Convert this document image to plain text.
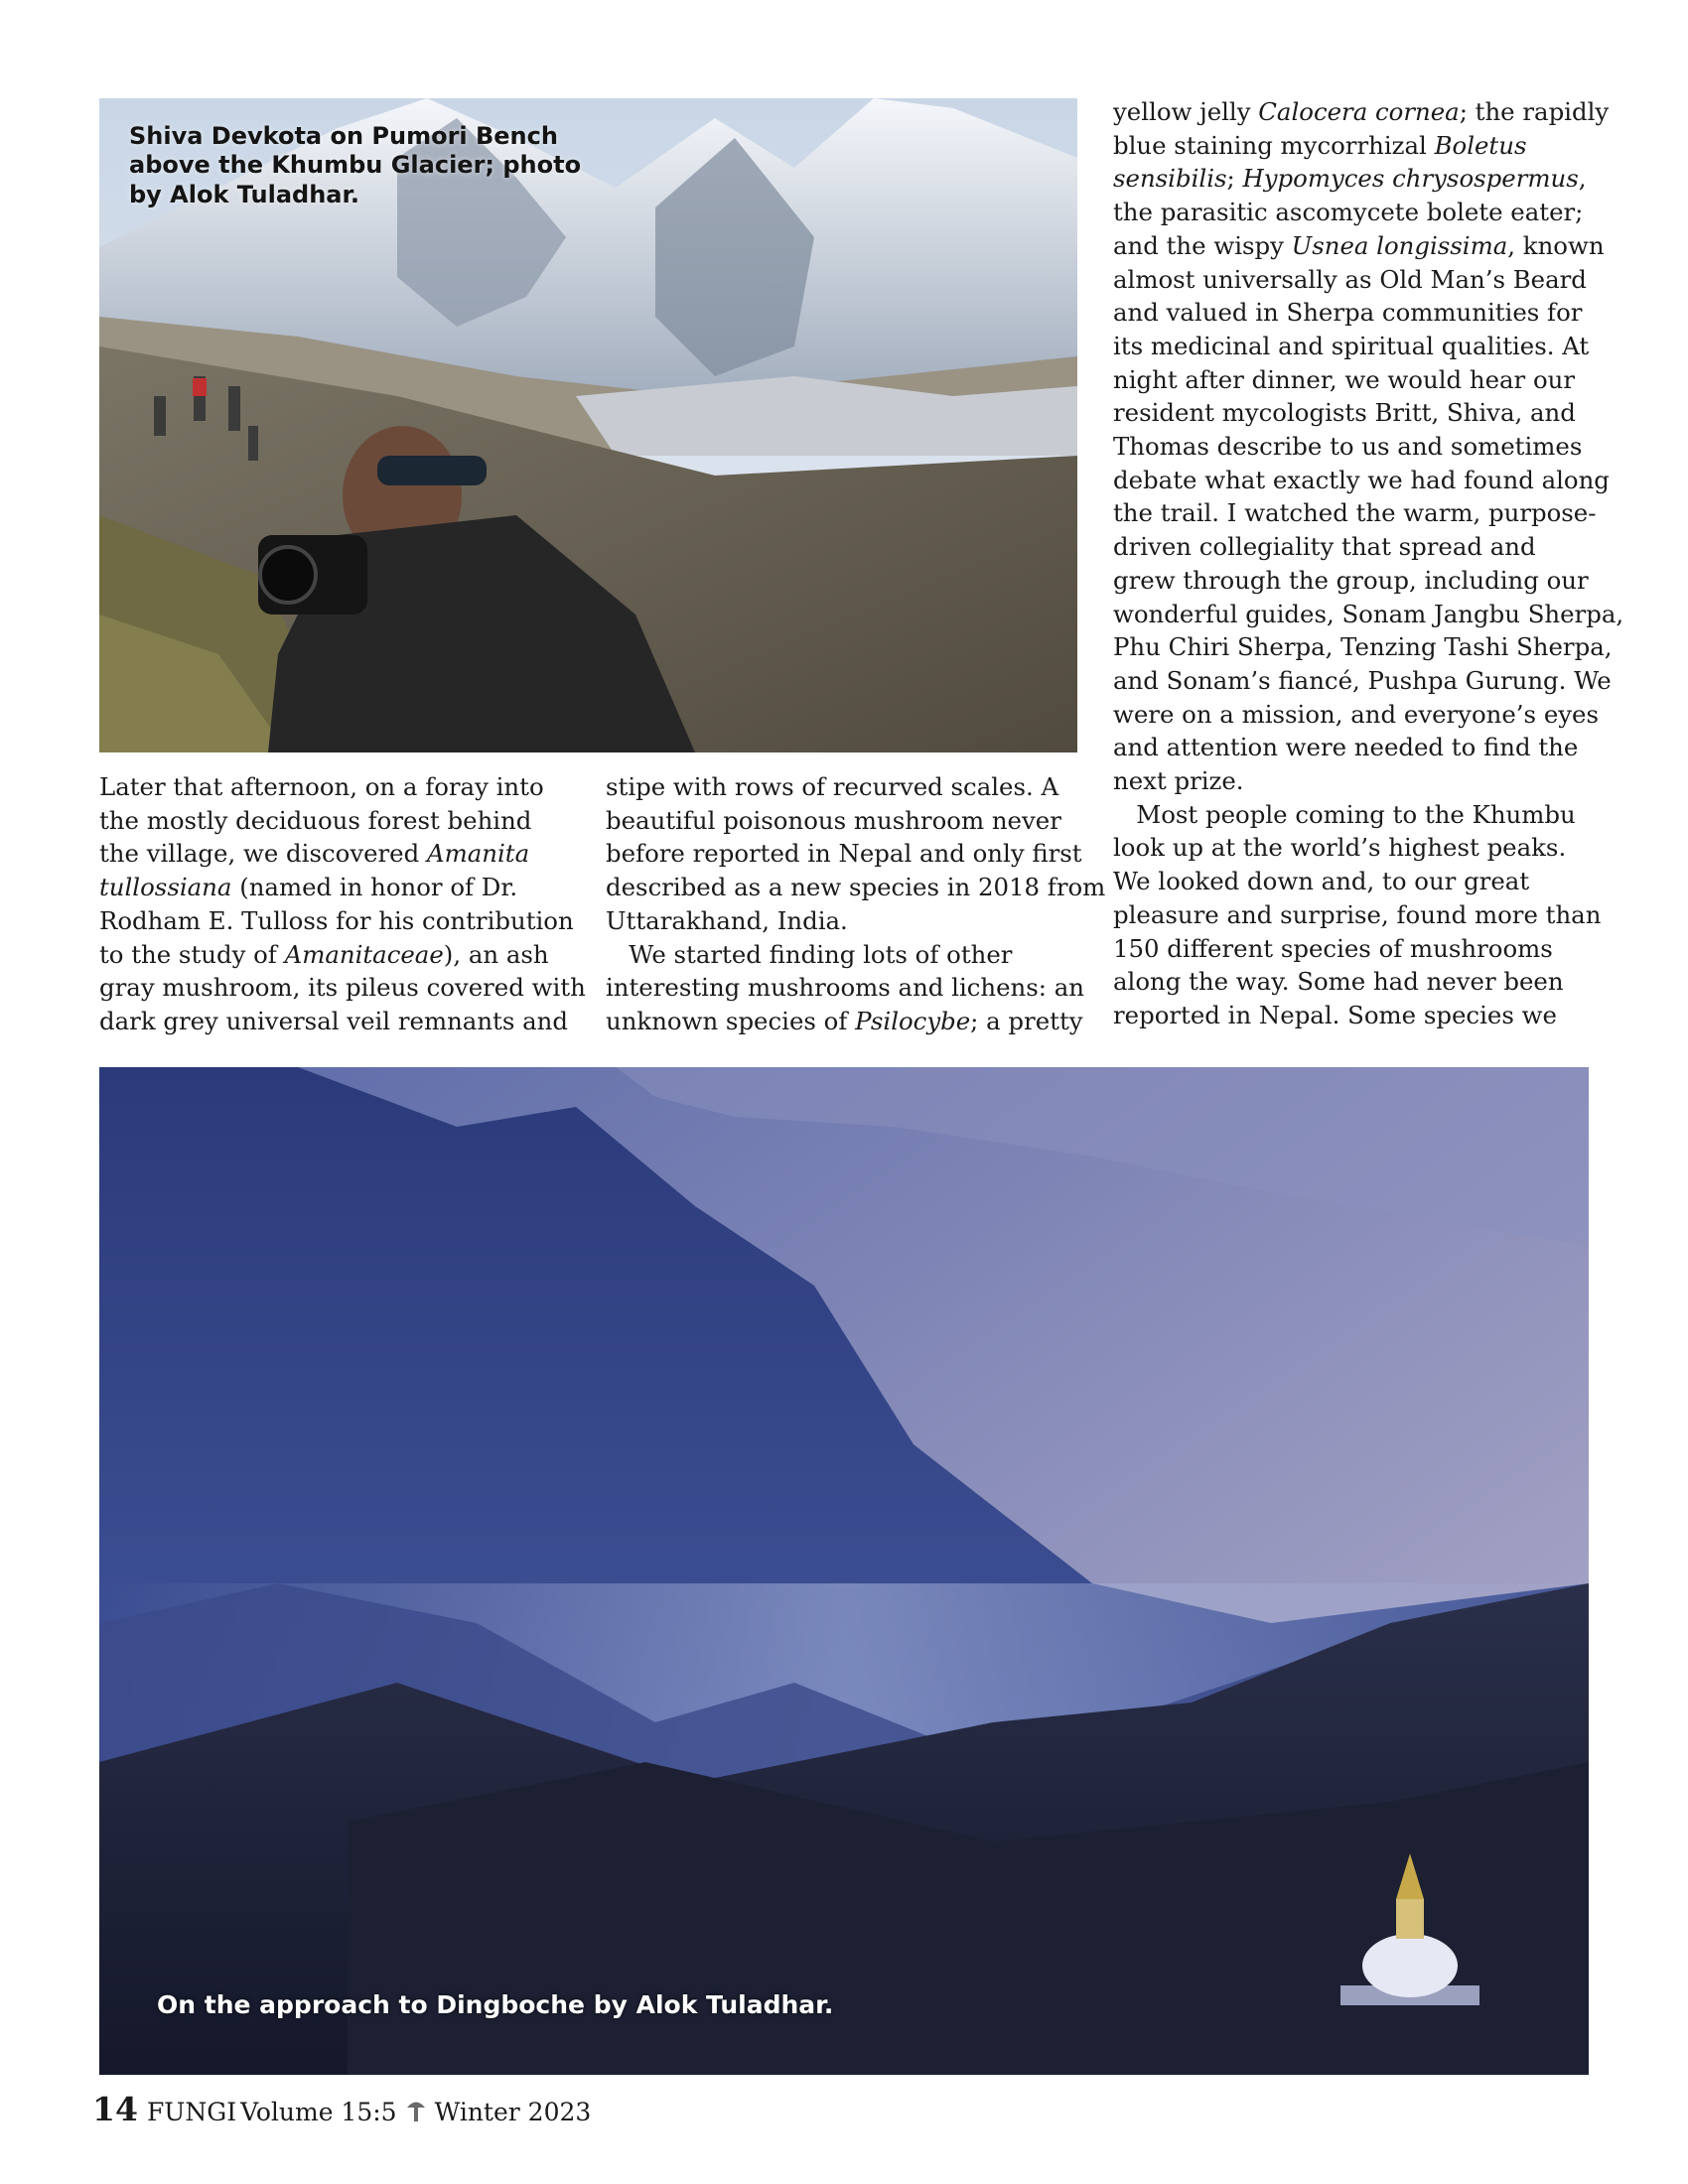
Shiva Devkota on Pumori Bench above the Khumbu Glacier; photo by Alok Tuladhar.
Later that afternoon, on a foray into
the mostly deciduous forest behind
the village, we discovered Amanita
tullossiana (named in honor of Dr.
Rodham E. Tulloss for his contribution
to the study of Amanitaceae), an ash
gray mushroom, its pileus covered with
dark grey universal veil remnants and
stipe with rows of recurved scales. A
beautiful poisonous mushroom never
before reported in Nepal and only first
described as a new species in 2018 from
Uttarakhand, India.
We started finding lots of other
interesting mushrooms and lichens: an
unknown species of Psilocybe; a pretty
yellow jelly Calocera cornea; the rapidly
blue staining mycorrhizal Boletus
sensibilis; Hypomyces chrysospermus,
the parasitic ascomycete bolete eater;
and the wispy Usnea longissima, known
almost universally as Old Man’s Beard
and valued in Sherpa communities for
its medicinal and spiritual qualities. At
night after dinner, we would hear our
resident mycologists Britt, Shiva, and
Thomas describe to us and sometimes
debate what exactly we had found along
the trail. I watched the warm, purpose-
driven collegiality that spread and
grew through the group, including our
wonderful guides, Sonam Jangbu Sherpa,
Phu Chiri Sherpa, Tenzing Tashi Sherpa,
and Sonam’s fiancé, Pushpa Gurung. We
were on a mission, and everyone’s eyes
and attention were needed to find the
next prize.
Most people coming to the Khumbu
look up at the world’s highest peaks.
We looked down and, to our great
pleasure and surprise, found more than
150 different species of mushrooms
along the way. Some had never been
reported in Nepal. Some species we
On the approach to Dingboche by Alok Tuladhar.
14 FUNGI Volume 15:5 Winter 2023
